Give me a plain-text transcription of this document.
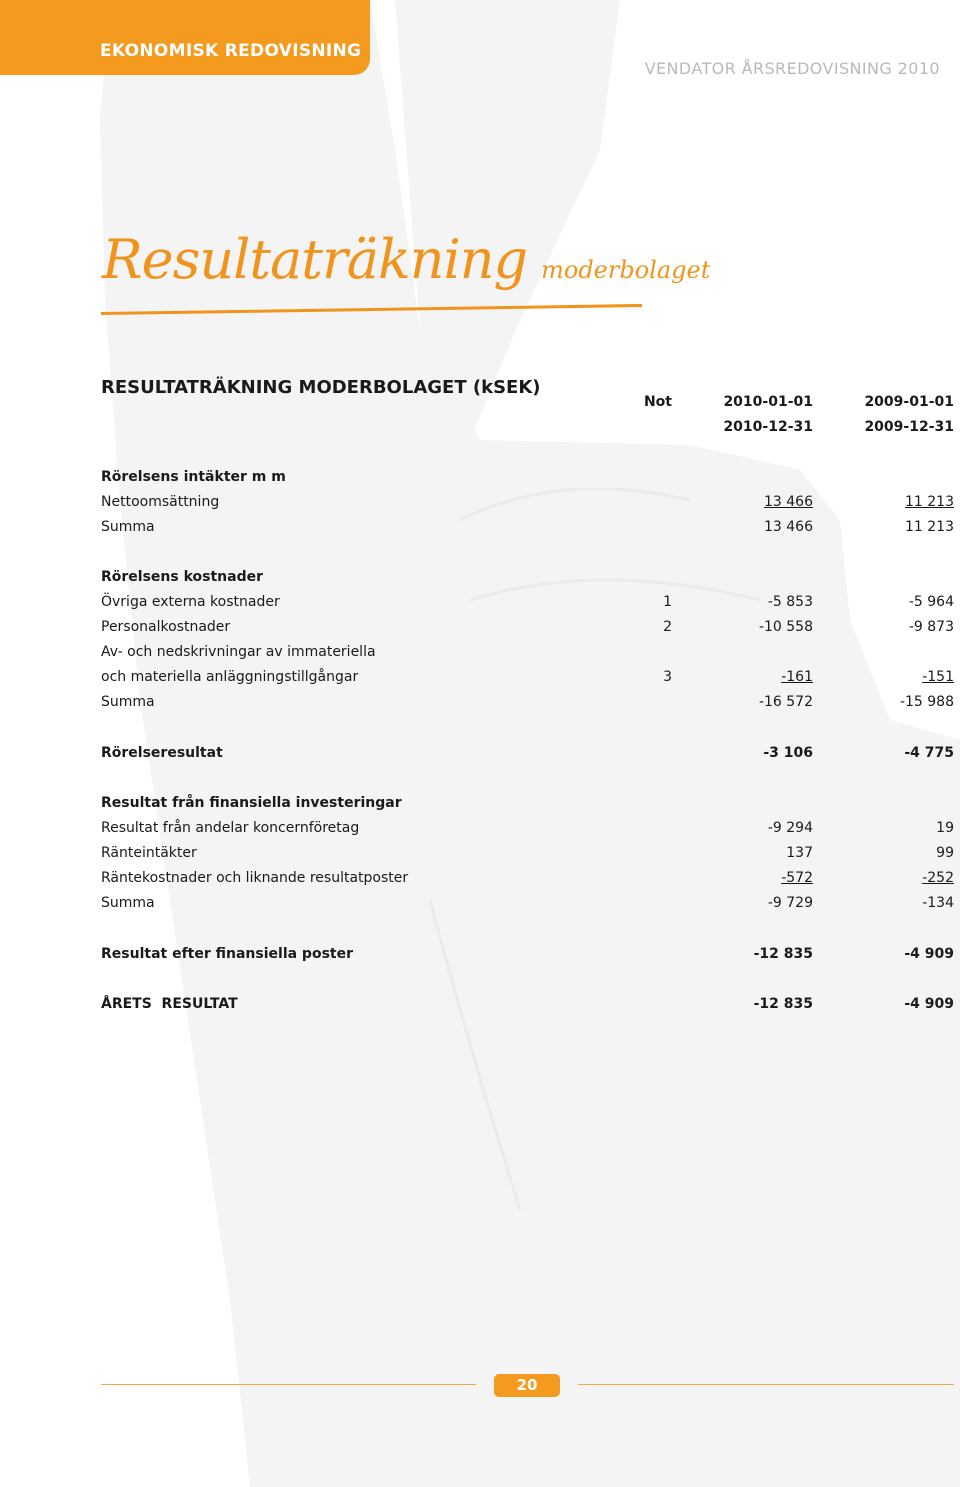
EKONOMISK REDOVISNING
VENDATOR ÅRSREDOVISNING 2010
Resultaträkning moderbolaget
RESULTATRÄKNING MODERBOLAGET (kSEK)
Not	2010-01-01	2009-01-01
2010-12-31	2009-12-31
Rörelsens intäkter m m
Nettoomsättning	13 466	11 213
Summa	13 466	11 213
Rörelsens kostnader
Övriga externa kostnader	1	-5 853	-5 964
Personalkostnader	2	-10 558	-9 873
Av- och nedskrivningar av immateriella
och materiella anläggningstillgångar	3	-161	-151
Summa	-16 572	-15 988
Rörelseresultat	-3 106	-4 775
Resultat från finansiella investeringar
Resultat från andelar koncernföretag	-9 294	19
Ränteintäkter	137	99
Räntekostnader och liknande resultatposter	-572	-252
Summa	-9 729	-134
Resultat efter finansiella poster	-12 835	-4 909
ÅRETS  RESULTAT	-12 835	-4 909
20
